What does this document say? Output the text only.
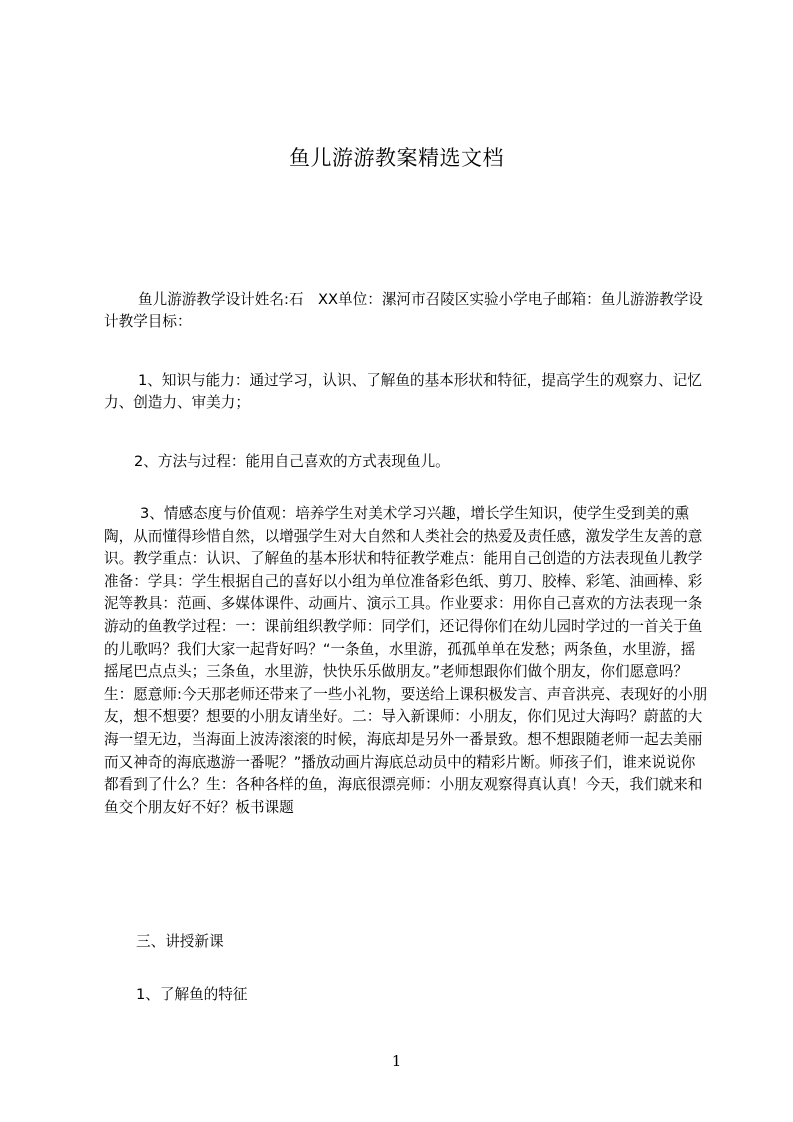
鱼儿游游教案精选文档

鱼儿游游教学设计姓名:石　XX单位：漯河市召陵区实验小学电子邮箱：鱼儿游游教学设计教学目标：

1、知识与能力：通过学习，认识、了解鱼的基本形状和特征，提高学生的观察力、记忆力、创造力、审美力；

2、方法与过程：能用自己喜欢的方式表现鱼儿。

3、情感态度与价值观：培养学生对美术学习兴趣，增长学生知识，使学生受到美的熏陶，从而懂得珍惜自然，以增强学生对大自然和人类社会的热爱及责任感，激发学生友善的意识。教学重点：认识、了解鱼的基本形状和特征教学难点：能用自己创造的方法表现鱼儿教学准备：学具：学生根据自己的喜好以小组为单位准备彩色纸、剪刀、胶棒、彩笔、油画棒、彩泥等教具：范画、多媒体课件、动画片、演示工具。作业要求：用你自己喜欢的方法表现一条游动的鱼教学过程：一：课前组织教学师：同学们，还记得你们在幼儿园时学过的一首关于鱼的儿歌吗？我们大家一起背好吗？“一条鱼，水里游，孤孤单单在发愁；两条鱼，水里游，摇摇尾巴点点头；三条鱼，水里游，快快乐乐做朋友。”老师想跟你们做个朋友，你们愿意吗？生：愿意师:今天那老师还带来了一些小礼物，要送给上课积极发言、声音洪亮、表现好的小朋友，想不想要？想要的小朋友请坐好。二：导入新课师：小朋友，你们见过大海吗？蔚蓝的大海一望无边，当海面上波涛滚滚的时候，海底却是另外一番景致。想不想跟随老师一起去美丽而又神奇的海底遨游一番呢？”播放动画片海底总动员中的精彩片断。师孩子们，谁来说说你都看到了什么？生：各种各样的鱼，海底很漂亮师：小朋友观察得真认真！今天，我们就来和鱼交个朋友好不好？板书课题

三、讲授新课

1、了解鱼的特征

1
